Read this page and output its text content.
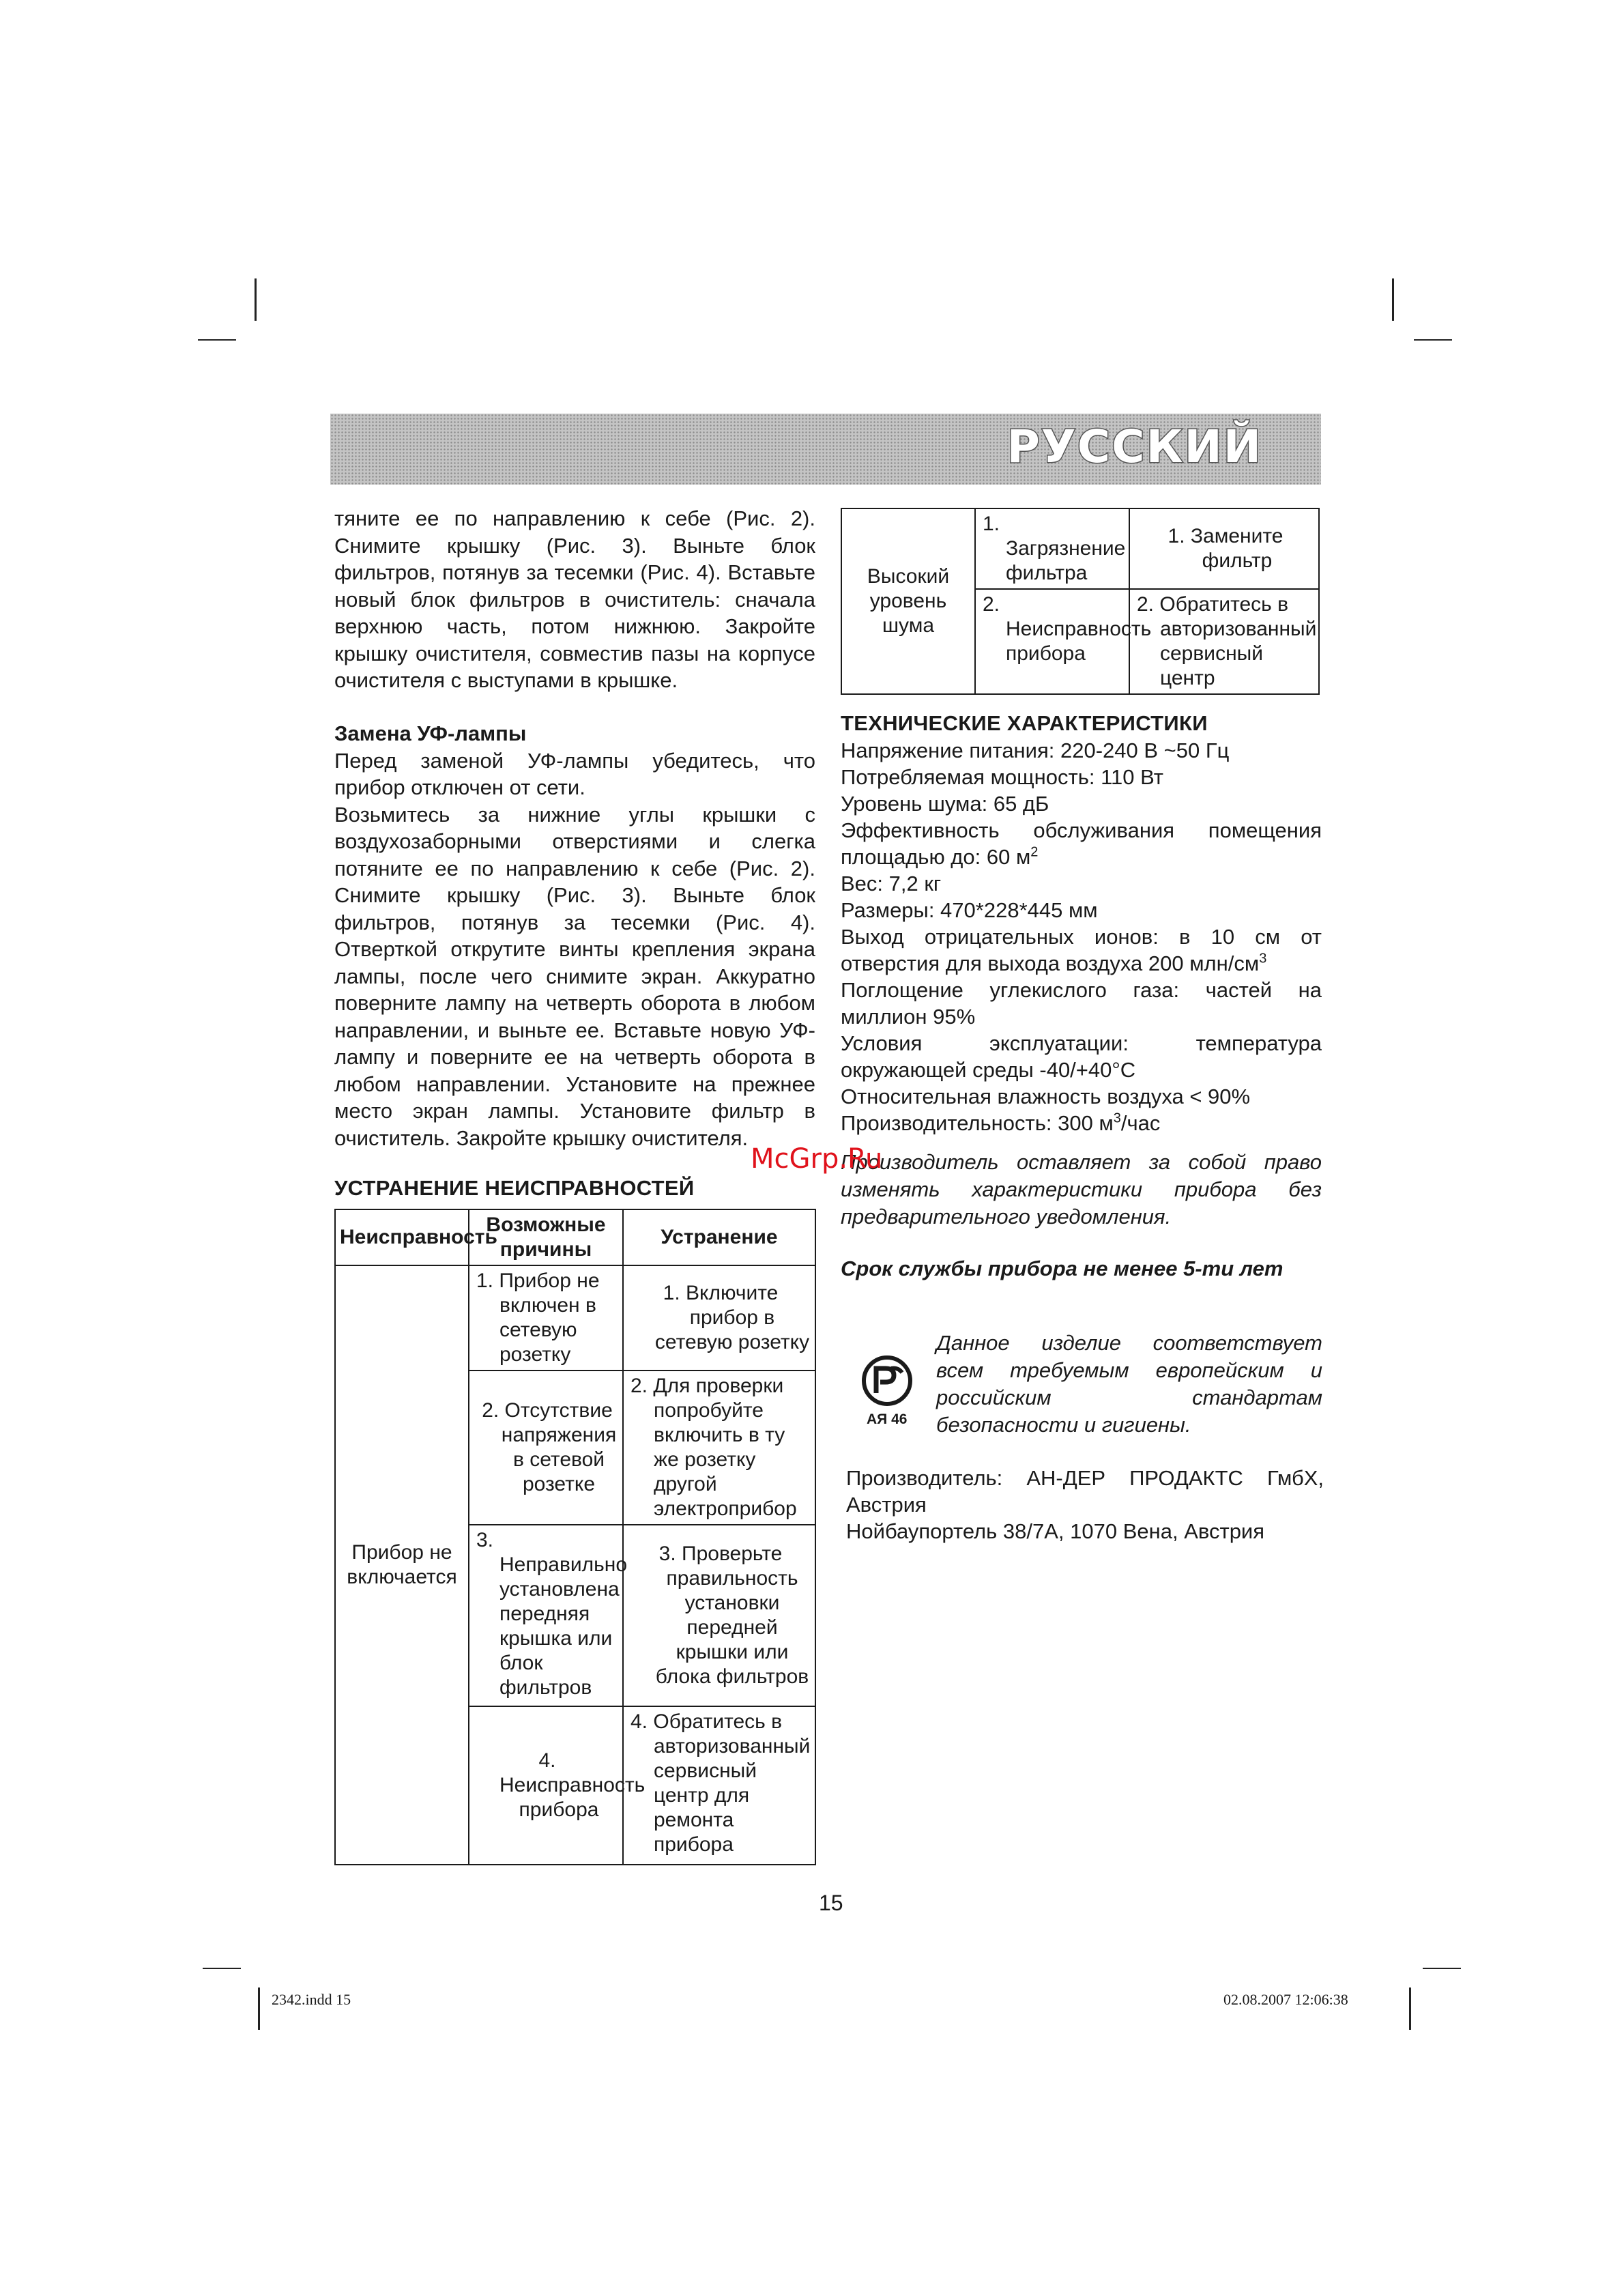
РУССКИЙ

тяните ее по направлению к себе (Рис. 2). Снимите крышку (Рис. 3). Выньте блок фильтров, потянув за тесемки (Рис. 4). Вставьте новый блок фильтров в очиститель: сначала верхнюю часть, потом нижнюю. Закройте крышку очистителя, совместив пазы на корпусе очистителя с выступами в крышке.

Замена УФ-лампы

Перед заменой УФ-лампы убедитесь, что прибор отключен от сети.

Возьмитесь за нижние углы крышки с воздухозаборными отверстиями и слегка потяните ее по направлению к себе (Рис. 2). Снимите крышку (Рис. 3). Выньте блок фильтров, потянув за тесемки (Рис. 4). Отверткой открутите винты крепления экрана лампы, после чего снимите экран. Аккуратно поверните лампу на четверть оборота в любом направлении, и выньте ее. Вставьте новую УФ-лампу и поверните ее на четверть оборота в любом направлении. Установите на прежнее место экран лампы. Установите фильтр в очиститель. Закройте крышку очистителя.

УСТРАНЕНИЕ НЕИСПРАВНОСТЕЙ

Неисправность	Возможные причины	Устранение
Прибор не включается	1. Прибор не включен в сетевую розетку	1. Включите прибор в сетевую розетку

	2. Отсутствие напряжения в сетевой розетке	2. Для проверки попробуйте включить в ту же розетку другой электроприбор

	3. Неправильно установлена передняя крышка или блок фильтров	3. Проверьте правильность установки передней крышки или блока фильтров

	4. Неисправность прибора	4. Обратитесь в авторизованный сервисный центр для ремонта прибора
Высокий уровень шума	1. Загрязнение фильтра	1. Замените фильтр

	2. Неисправность прибора	2. Обратитесь в авторизованный сервисный центр

ТЕХНИЧЕСКИЕ ХАРАКТЕРИСТИКИ

Напряжение питания: 220-240 В ~50 Гц

Потребляемая мощность: 110 Вт

Уровень шума: 65 дБ

Эффективность обслуживания помещения площадью до: 60 $м^2$

Вес: 7,2 кг

Размеры: 470*228*445 мм

Выход отрицательных ионов: в 10 см от отверстия для выхода воздуха 200 млн/$см^3$

Поглощение углекислого газа: частей на миллион 95%

Условия эксплуатации: температура окружающей среды -40/+40°С

Относительная влажность воздуха < 90%

Производительность: 300 $м^3$/час

Производитель оставляет за собой право изменять характеристики прибора без предварительного уведомления.

Срок службы прибора не менее 5-ти лет

АЯ 46

Данное изделие соответствует всем требуемым европейским и российским стандартам безопасности и гигиены.

Производитель: АН-ДЕР ПРОДАКТС ГмбХ, Австрия

Нойбаупортель 38/7А, 1070 Вена, Австрия

McGrp.Ru
15
2342.indd 15	02.08.2007 12:06:38
